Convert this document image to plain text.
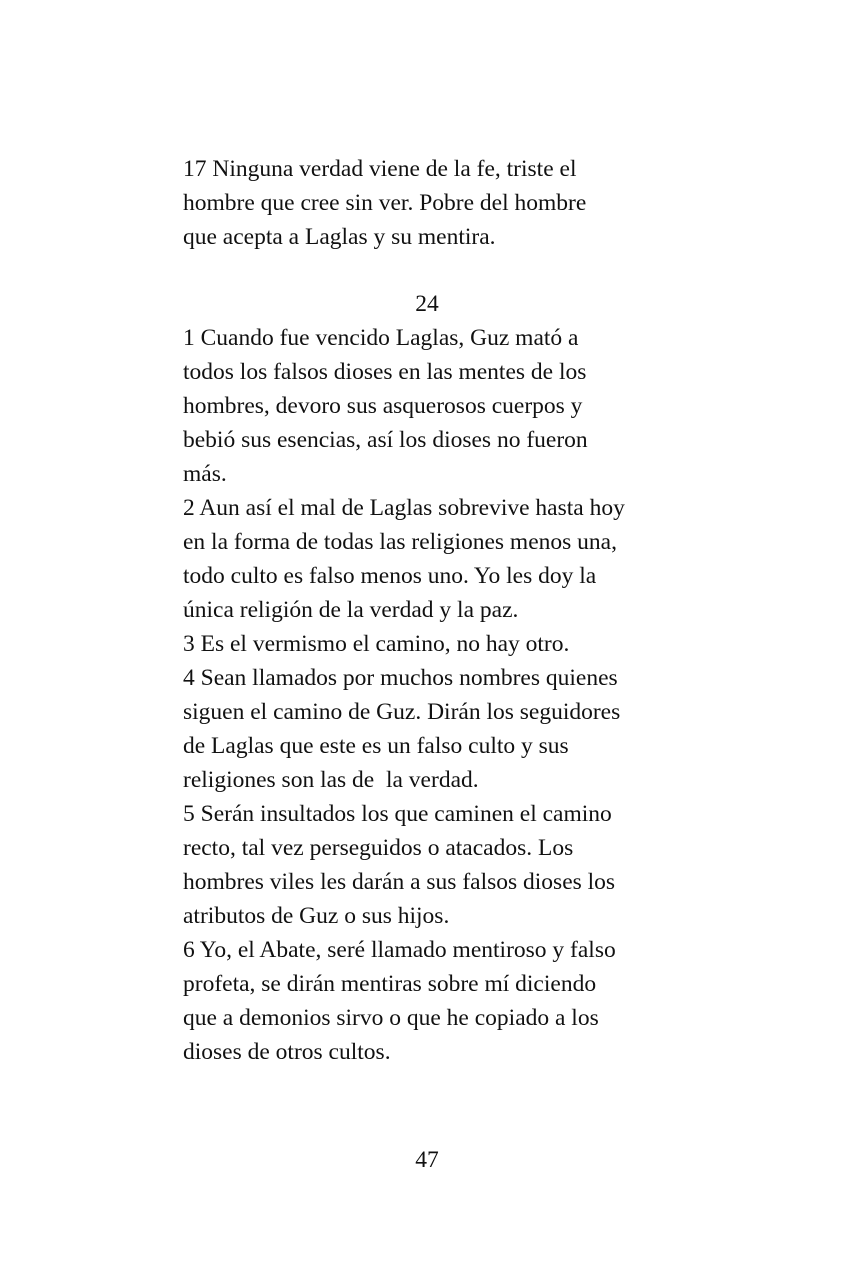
17 Ninguna verdad viene de la fe, triste el
hombre que cree sin ver. Pobre del hombre
que acepta a Laglas y su mentira.
24
1 Cuando fue vencido Laglas, Guz mató a
todos los falsos dioses en las mentes de los
hombres, devoro sus asquerosos cuerpos y
bebió sus esencias, así los dioses no fueron
más.
2 Aun así el mal de Laglas sobrevive hasta hoy
en la forma de todas las religiones menos una,
todo culto es falso menos uno. Yo les doy la
única religión de la verdad y la paz.
3 Es el vermismo el camino, no hay otro.
4 Sean llamados por muchos nombres quienes
siguen el camino de Guz. Dirán los seguidores
de Laglas que este es un falso culto y sus
religiones son las de  la verdad.
5 Serán insultados los que caminen el camino
recto, tal vez perseguidos o atacados. Los
hombres viles les darán a sus falsos dioses los
atributos de Guz o sus hijos.
6 Yo, el Abate, seré llamado mentiroso y falso
profeta, se dirán mentiras sobre mí diciendo
que a demonios sirvo o que he copiado a los
dioses de otros cultos.
47
